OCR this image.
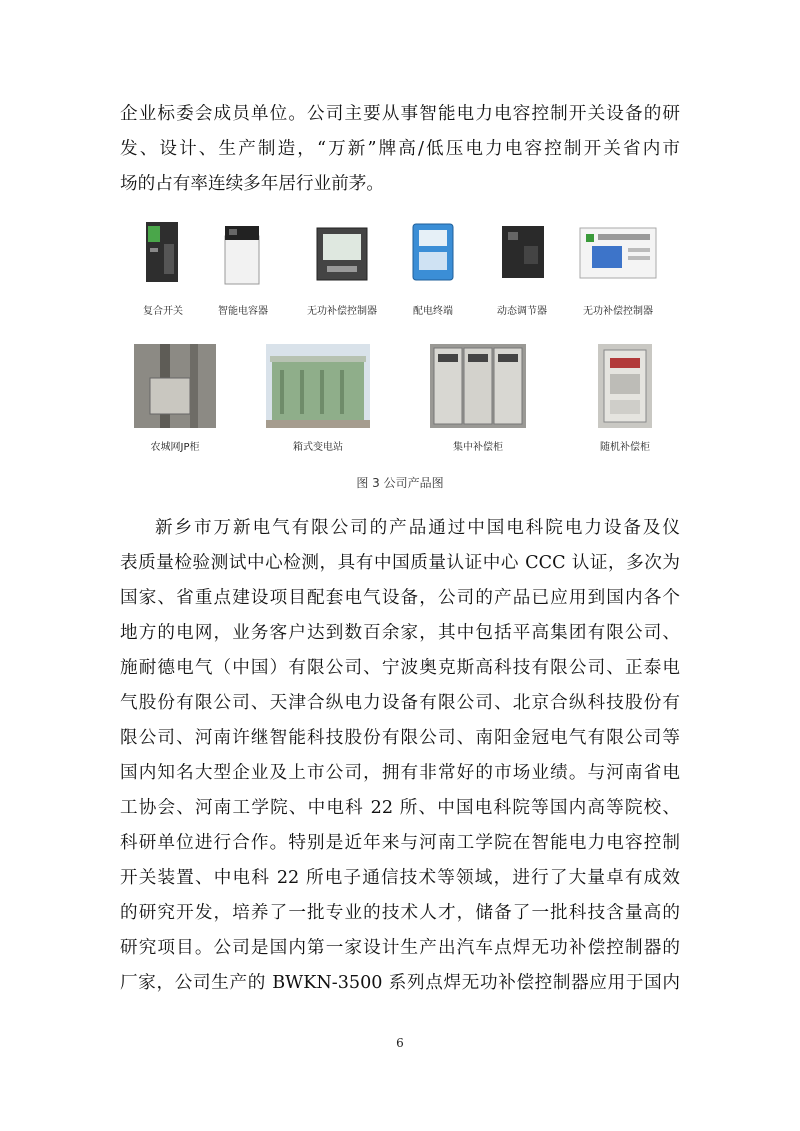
企业标委会成员单位。公司主要从事智能电力电容控制开关设备的研
发、设计、生产制造，“万新”牌高/低压电力电容控制开关省内市
场的占有率连续多年居行业前茅。
复合开关	智能电容器	无功补偿控制器	配电终端	动态调节器	无功补偿控制器
农城网JP柜	箱式变电站	集中补偿柜	随机补偿柜
图 3 公司产品图
新乡市万新电气有限公司的产品通过中国电科院电力设备及仪
表质量检验测试中心检测，具有中国质量认证中心 CCC 认证，多次为
国家、省重点建设项目配套电气设备，公司的产品已应用到国内各个
地方的电网，业务客户达到数百余家，其中包括平高集团有限公司、
施耐德电气（中国）有限公司、宁波奥克斯高科技有限公司、正泰电
气股份有限公司、天津合纵电力设备有限公司、北京合纵科技股份有
限公司、河南许继智能科技股份有限公司、南阳金冠电气有限公司等
国内知名大型企业及上市公司，拥有非常好的市场业绩。与河南省电
工协会、河南工学院、中电科 22 所、中国电科院等国内高等院校、
科研单位进行合作。特别是近年来与河南工学院在智能电力电容控制
开关装置、中电科 22 所电子通信技术等领域，进行了大量卓有成效
的研究开发，培养了一批专业的技术人才，储备了一批科技含量高的
研究项目。公司是国内第一家设计生产出汽车点焊无功补偿控制器的
厂家，公司生产的 BWKN-3500 系列点焊无功补偿控制器应用于国内
6
